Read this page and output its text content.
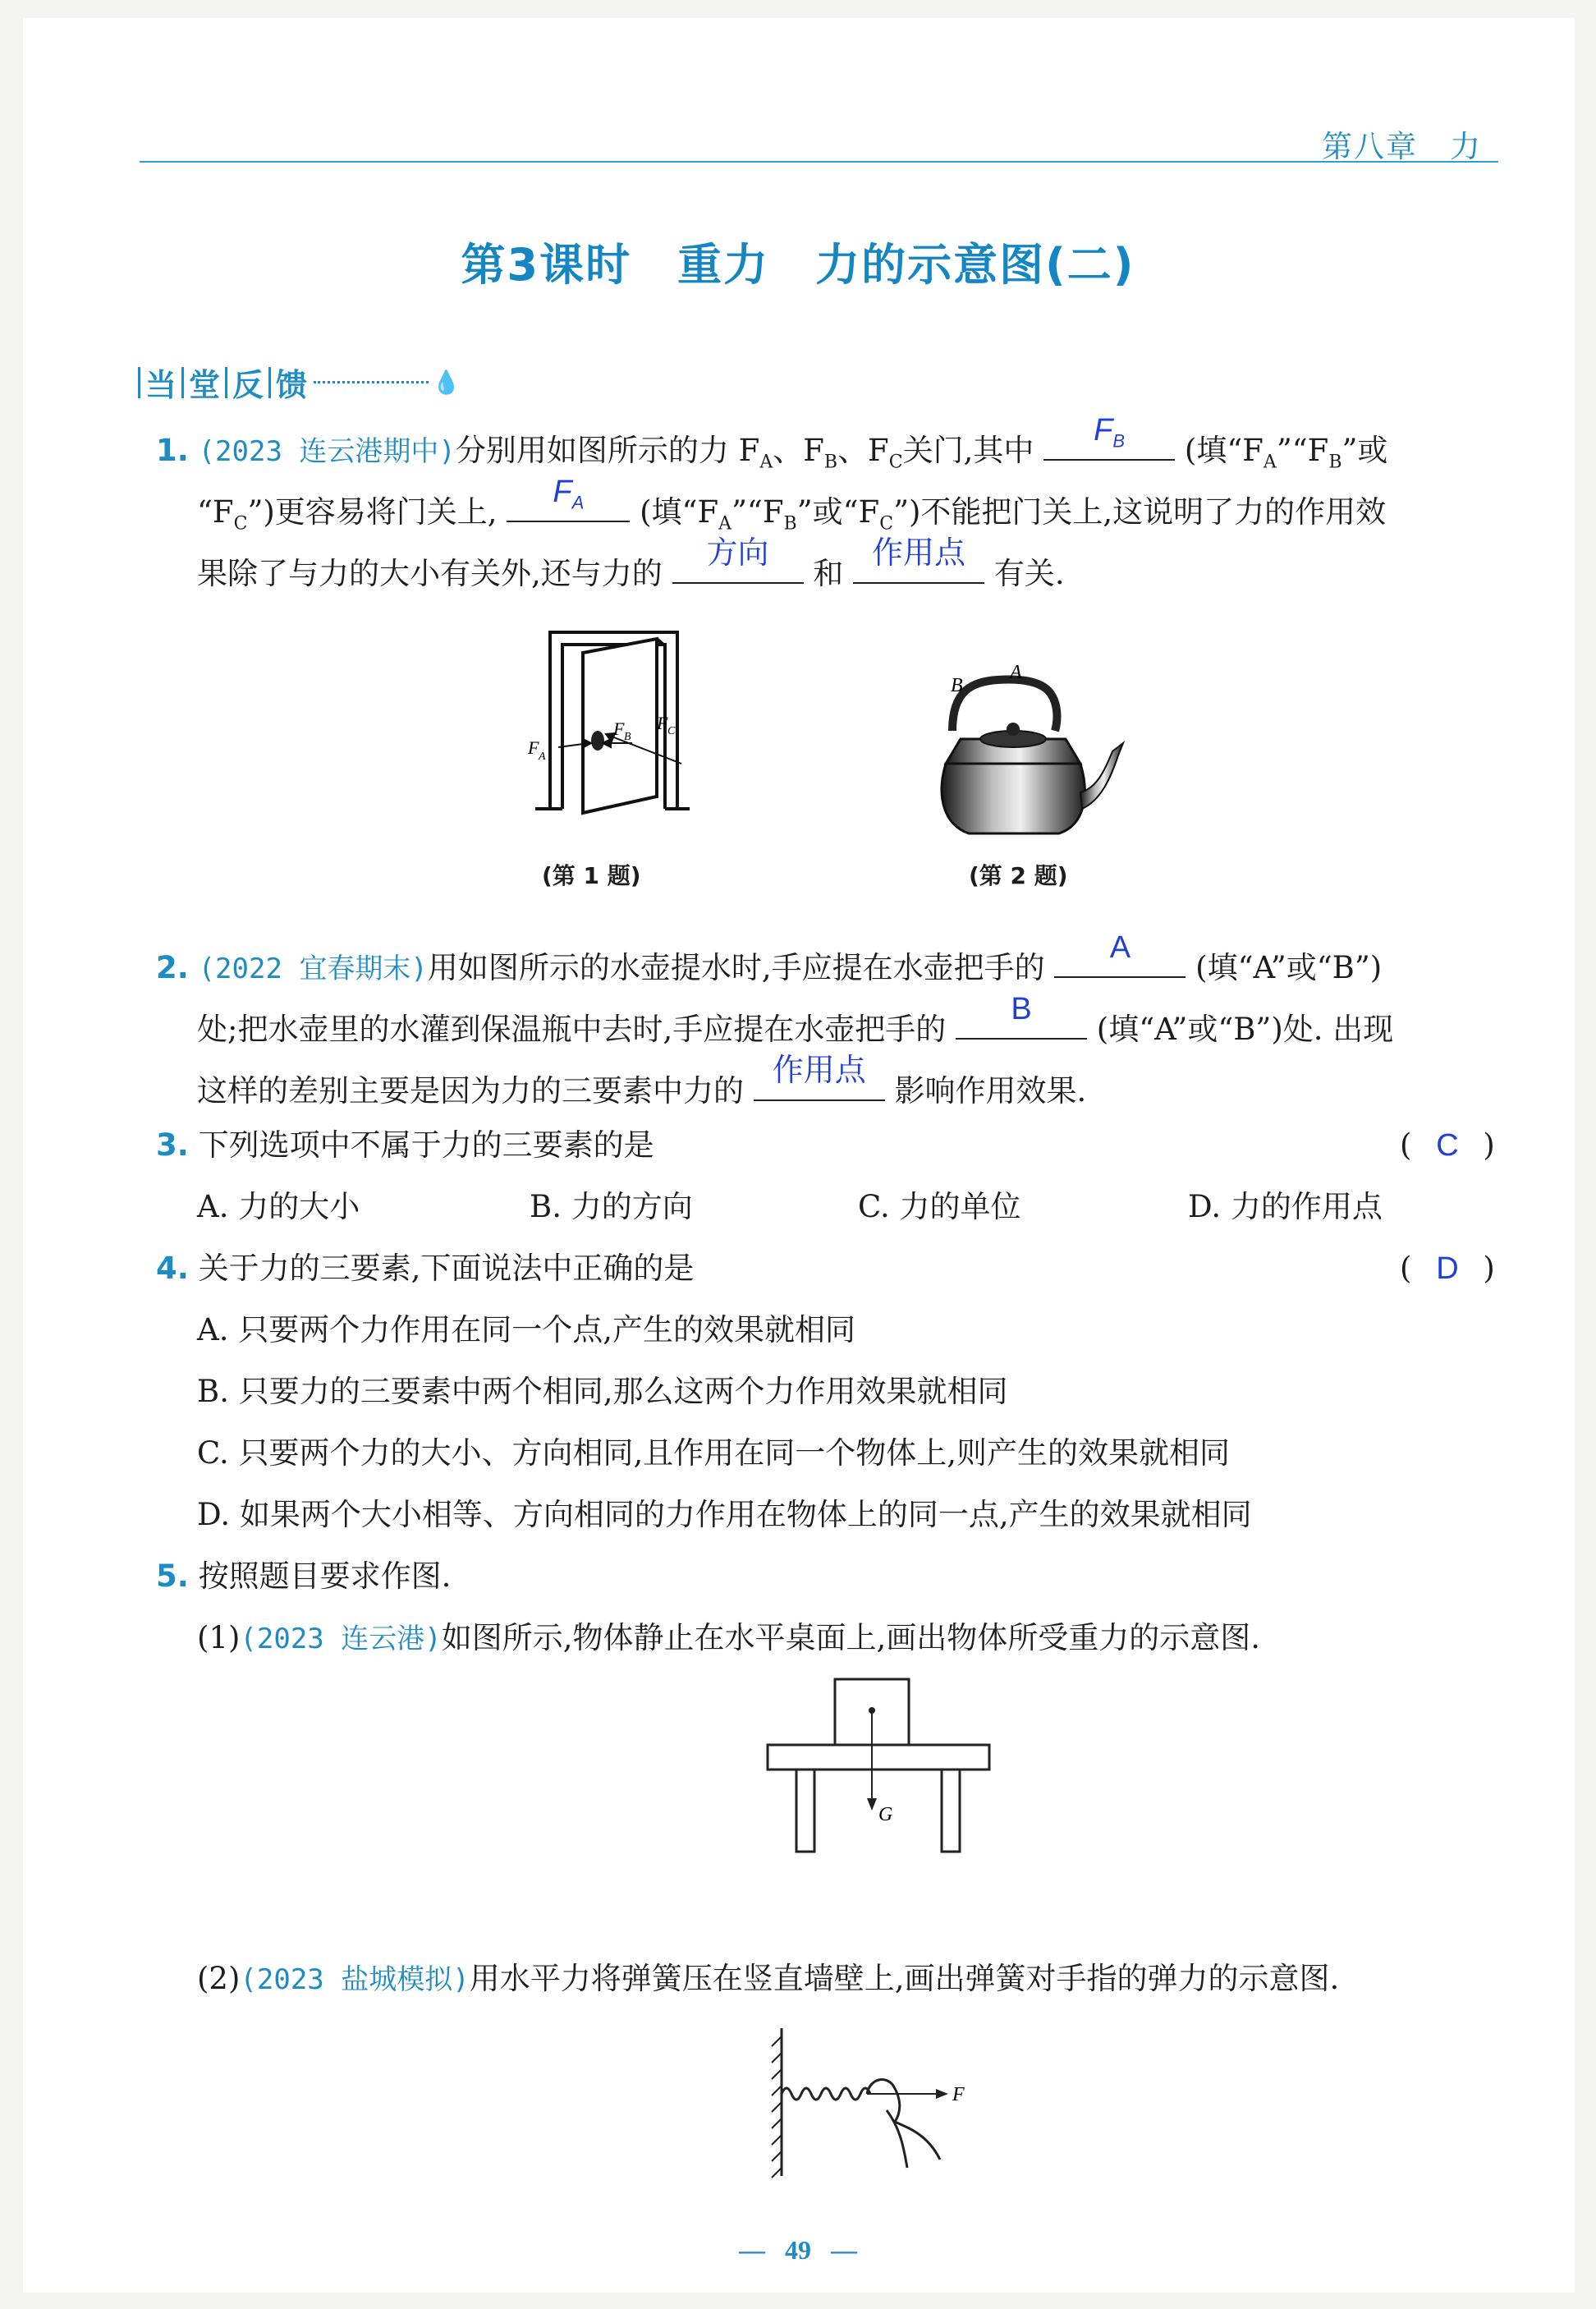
第八章　力
第3课时　重力　力的示意图(二)
当 堂 反 馈	💧
1. (2023 连云港期中)分别用如图所示的力 $F_A$、$F_B$、$F_C$关门,其中
$F_B$	(填“$F_A”“F_B$”或
“$F_C$”)更容易将门关上,
$F_A$	(填“$F_A”“F_B$”或“$F_C$”)不能把门关上,这说明了力的作用效
果除了与力的大小有关外,还与力的
方向
和
作用点
有关.
F A
F B
F C
(第 1 题)
A
B
(第 2 题)
2. (2022 宜春期末)用如图所示的水壶提水时,手应提在水壶把手的
A
(填“A”或“B”)
处;把水壶里的水灌到保温瓶中去时,手应提在水壶把手的
B
(填“A”或“B”)处. 出现
这样的差别主要是因为力的三要素中力的
作用点
影响作用效果.
3. 下列选项中不属于力的三要素的是	( C )
A. 力的大小	B. 力的方向	C. 力的单位	D. 力的作用点
4. 关于力的三要素,下面说法中正确的是	( D )
A. 只要两个力作用在同一个点,产生的效果就相同
B. 只要力的三要素中两个相同,那么这两个力作用效果就相同
C. 只要两个力的大小、方向相同,且作用在同一个物体上,则产生的效果就相同
D. 如果两个大小相等、方向相同的力作用在物体上的同一点,产生的效果就相同
5. 按照题目要求作图.
(1)(2023 连云港)如图所示,物体静止在水平桌面上,画出物体所受重力的示意图.
G
(2)(2023 盐城模拟)用水平力将弹簧压在竖直墙壁上,画出弹簧对手指的弹力的示意图.
F
— 49 —
